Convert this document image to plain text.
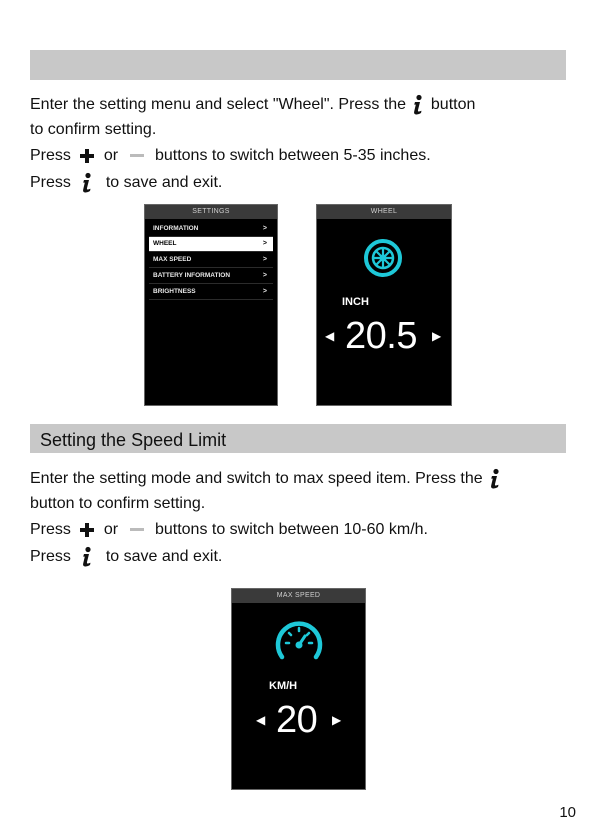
Enter the setting menu and select "Wheel". Press the button
to confirm setting.
Press or buttons to switch between 5-35 inches.
Press to save and exit.
SETTINGS
INFORMATION	>
WHEEL	>
MAX SPEED	>
BATTERY INFORMATION	>
BRIGHTNESS	>
WHEEL
INCH
◀ 20.5 ▶
Setting the Speed Limit
Enter the setting mode and switch to max speed item. Press the
button to confirm setting.
Press or buttons to switch between 10-60 km/h.
Press to save and exit.
MAX SPEED
KM/H
◀ 20 ▶
10
